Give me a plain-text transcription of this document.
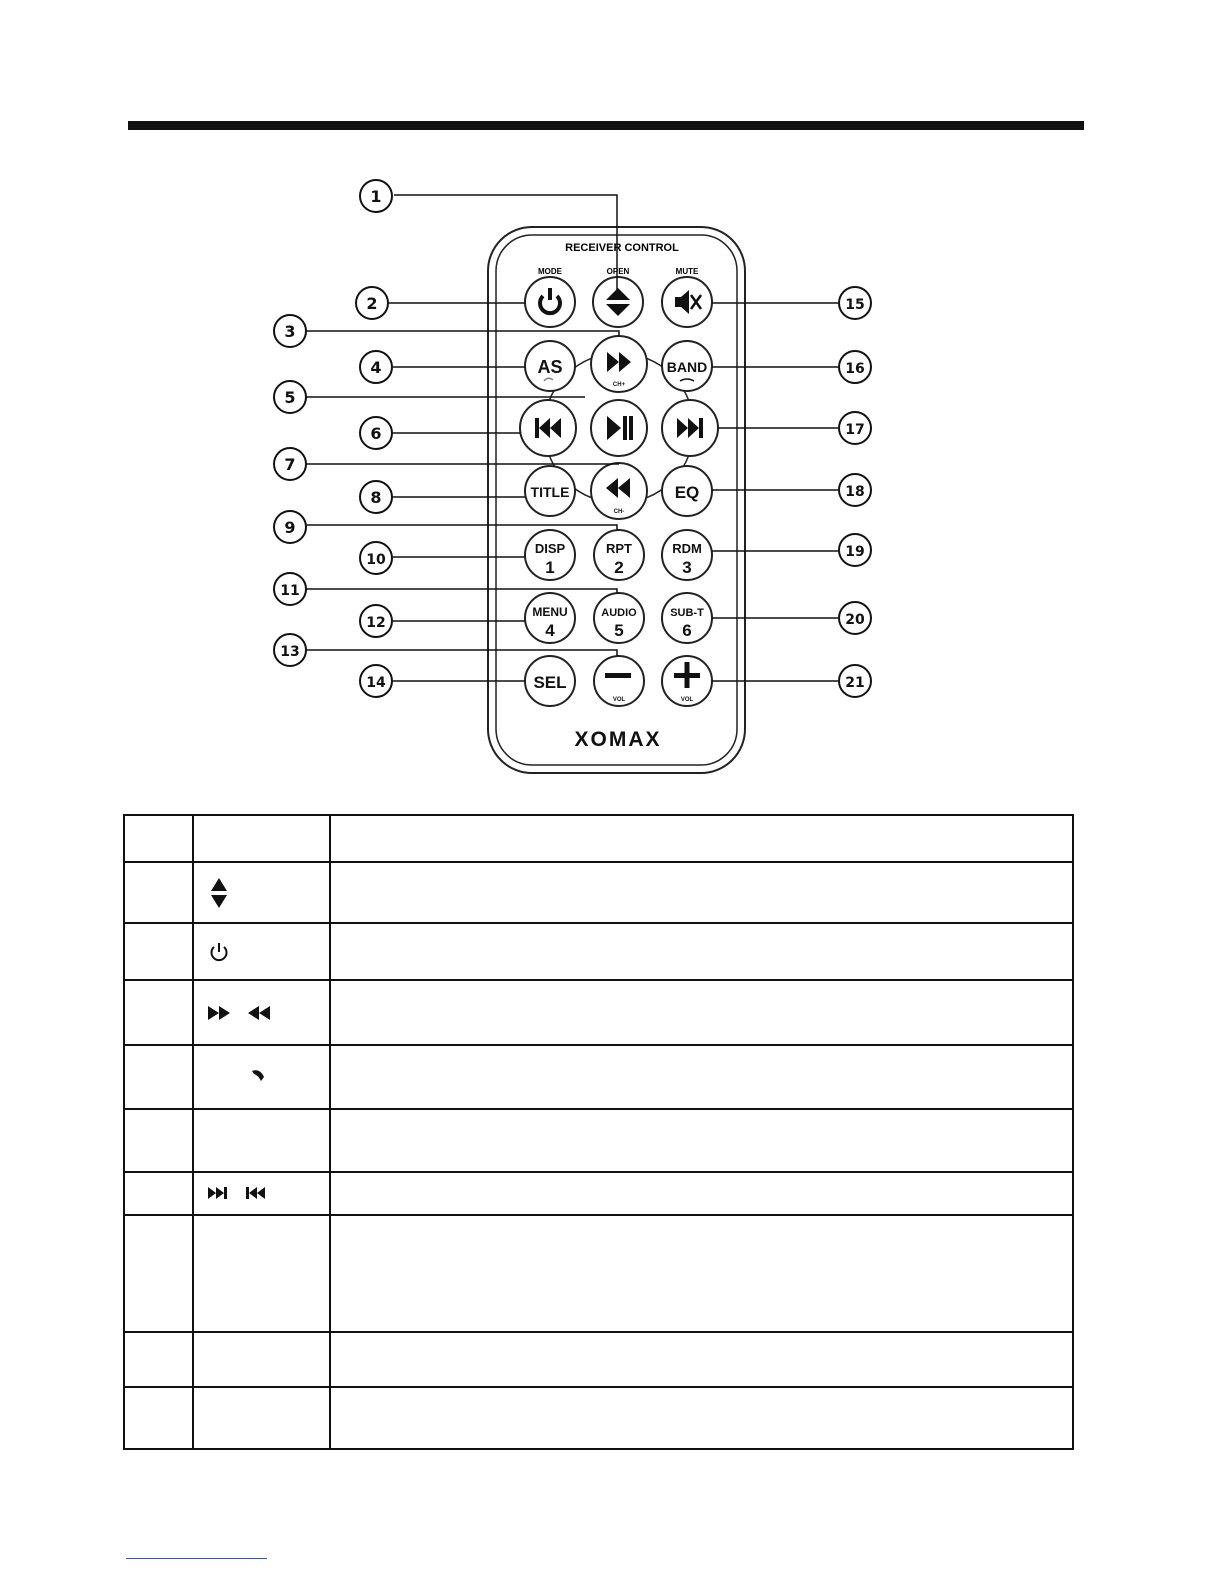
RECEIVER CONTROL
MODE	OPEN	MUTE
AS	BAND
TITLE	EQ
DISP
1
RPT
2
RDM
3
MENU
4
AUDIO
5
SUB-T
6
SEL
CH+
CH-
VOL	VOL
XOMAX
1
2
3
4
5
6
7
8
9
10
11
12
13
14
15
16
17
18
19
20
21
